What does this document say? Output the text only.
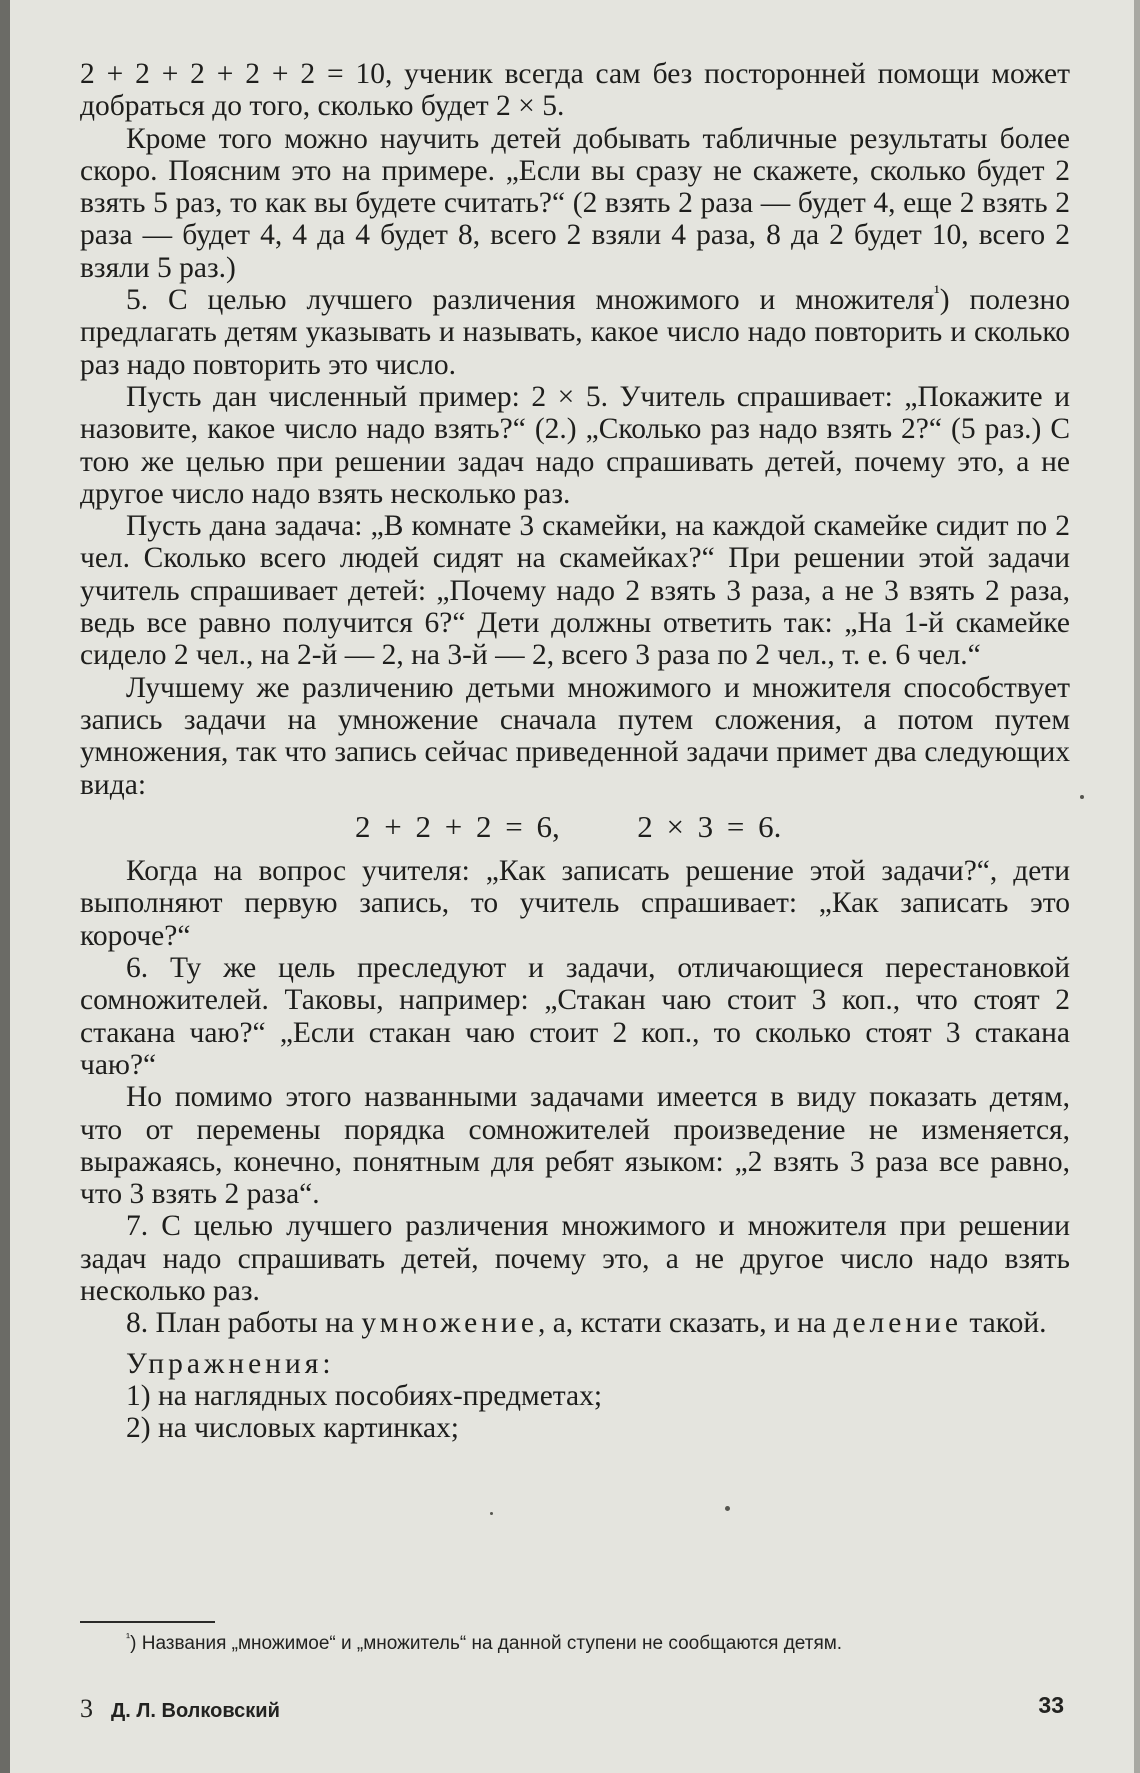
2 + 2 + 2 + 2 + 2 = 10, ученик всегда сам без посторонней помощи может добраться до того, сколько будет 2 × 5.

Кроме того можно научить детей добывать табличные результаты более скоро. Поясним это на примере. „Если вы сразу не скажете, сколько будет 2 взять 5 раз, то как вы будете считать?“ (2 взять 2 раза — будет 4, еще 2 взять 2 раза — будет 4, 4 да 4 будет 8, всего 2 взяли 4 раза, 8 да 2 будет 10, всего 2 взяли 5 раз.)

5. С целью лучшего различения множимого и множителя$^{^1}$) полезно предлагать детям указывать и называть, какое число надо повторить и сколько раз надо повторить это число.

Пусть дан численный пример: 2 × 5. Учитель спрашивает: „Покажите и назовите, какое число надо взять?“ (2.) „Сколько раз надо взять 2?“ (5 раз.) С тою же целью при решении задач надо спрашивать детей, почему это, а не другое число надо взять несколько раз.

Пусть дана задача: „В комнате 3 скамейки, на каждой скамейке сидит по 2 чел. Сколько всего людей сидят на скамейках?“ При решении этой задачи учитель спрашивает детей: „Почему надо 2 взять 3 раза, а не 3 взять 2 раза, ведь все равно получится 6?“ Дети должны ответить так: „На 1-й скамейке сидело 2 чел., на 2-й — 2, на 3-й — 2, всего 3 раза по 2 чел., т. е. 6 чел.“

Лучшему же различению детьми множимого и множителя способствует запись задачи на умножение сначала путем сложения, а потом путем умножения, так что запись сейчас приведенной задачи примет два следующих вида:

2 + 2 + 2 = 6,   	2 × 3 = 6.

Когда на вопрос учителя: „Как записать решение этой задачи?“, дети выполняют первую запись, то учитель спрашивает: „Как записать это короче?“

6. Ту же цель преследуют и задачи, отличающиеся перестановкой сомножителей. Таковы, например: „Стакан чаю стоит 3 коп., что стоят 2 стакана чаю?“ „Если стакан чаю стоит 2 коп., то сколько стоят 3 стакана чаю?“

Но помимо этого названными задачами имеется в виду показать детям, что от перемены порядка сомножителей произведение не изменяется, выражаясь, конечно, понятным для ребят языком: „2 взять 3 раза все равно, что 3 взять 2 раза“.

7. С целью лучшего различения множимого и множителя при решении задач надо спрашивать детей, почему это, а не другое число надо взять несколько раз.

8. План работы на умножение, а, кстати сказать, и на деление такой.

Упражнения:

1) на наглядных пособиях-предметах;

2) на числовых картинках;

$^{^1}$) Названия „множимое“ и „множитель“ на данной ступени не сообщаются детям.

3 Д. Л. Волковский	33
